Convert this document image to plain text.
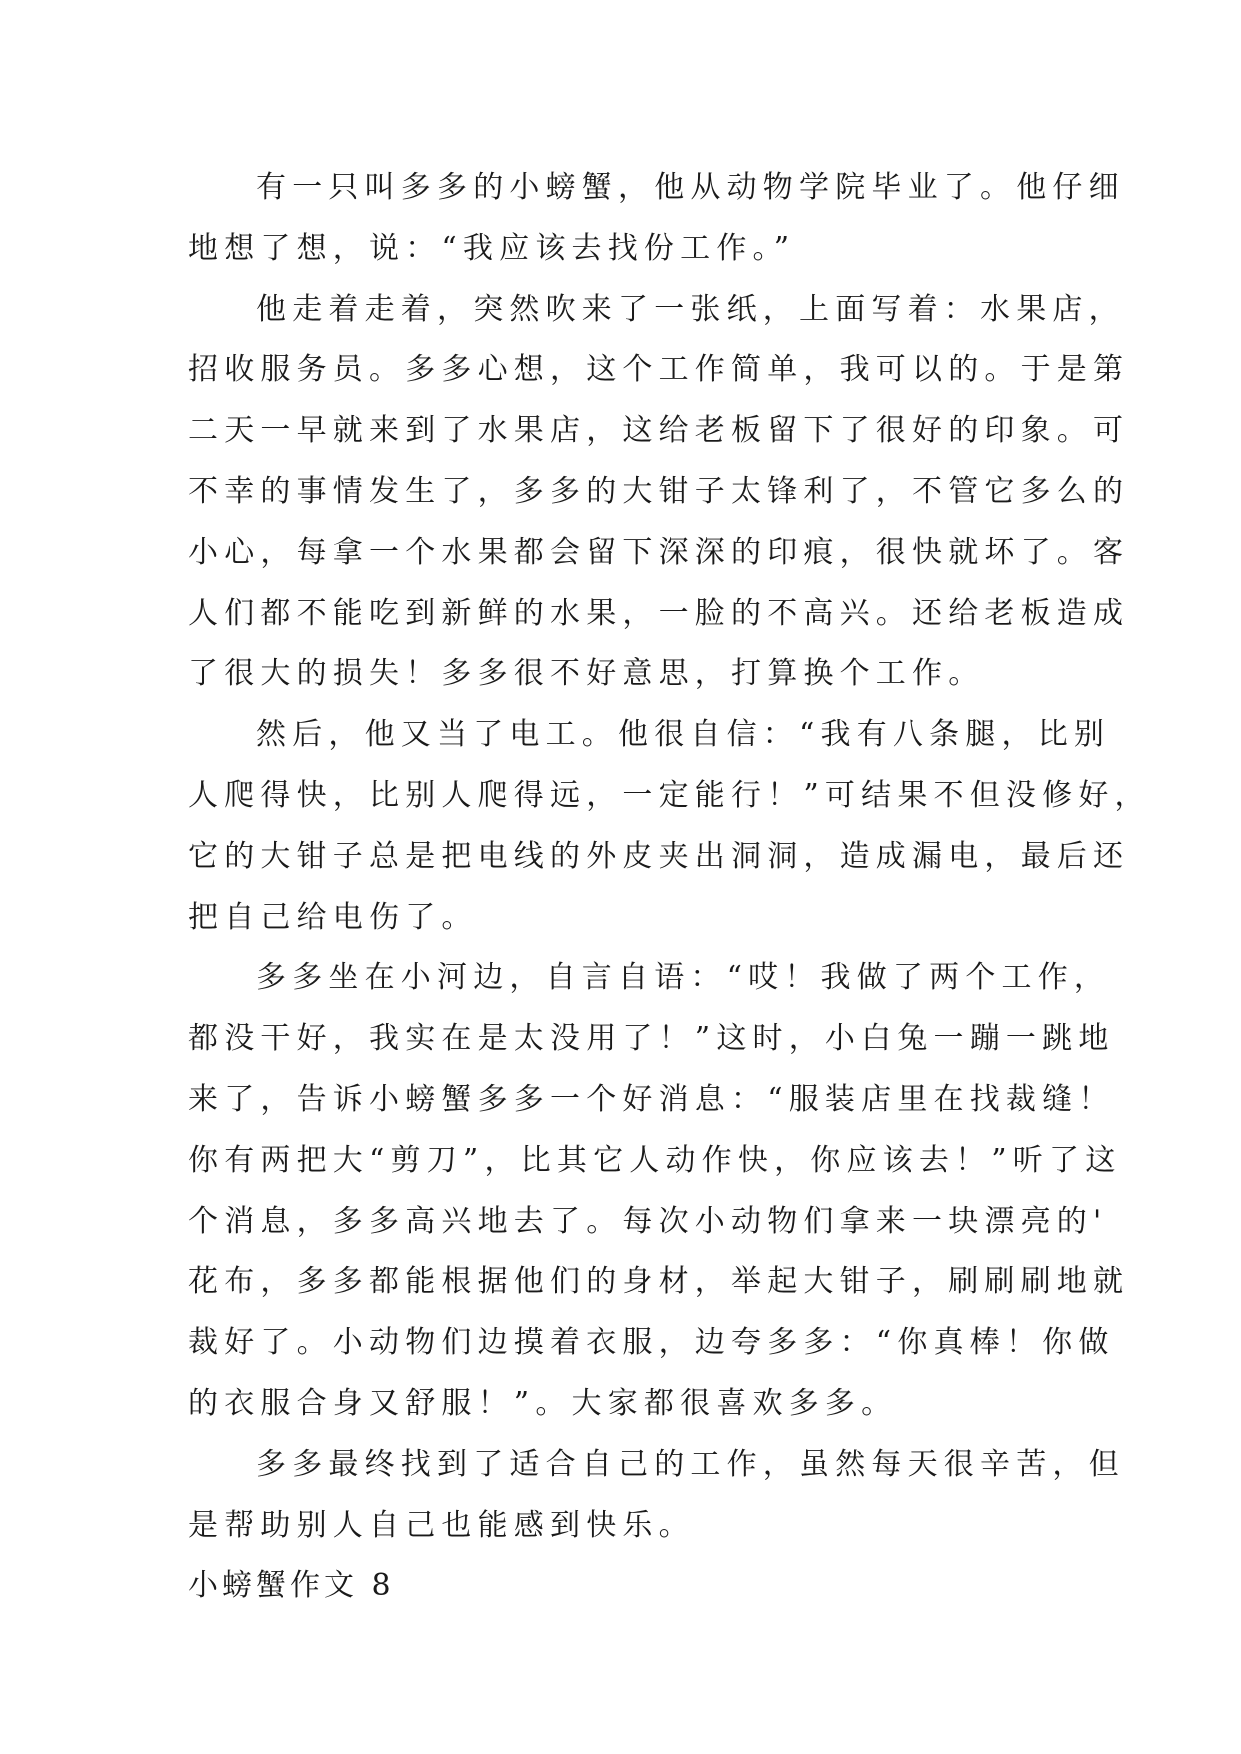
有一只叫多多的小螃蟹，他从动物学院毕业了。他仔细
地想了想，说：“我应该去找份工作。”
他走着走着，突然吹来了一张纸，上面写着：水果店，
招收服务员。多多心想，这个工作简单，我可以的。于是第
二天一早就来到了水果店，这给老板留下了很好的印象。可
不幸的事情发生了，多多的大钳子太锋利了，不管它多么的
小心，每拿一个水果都会留下深深的印痕，很快就坏了。客
人们都不能吃到新鲜的水果，一脸的不高兴。还给老板造成
了很大的损失！多多很不好意思，打算换个工作。
然后，他又当了电工。他很自信：“我有八条腿，比别
人爬得快，比别人爬得远，一定能行！”可结果不但没修好，
它的大钳子总是把电线的外皮夹出洞洞，造成漏电，最后还
把自己给电伤了。
多多坐在小河边，自言自语：“哎！我做了两个工作，
都没干好，我实在是太没用了！”这时，小白兔一蹦一跳地
来了，告诉小螃蟹多多一个好消息：“服装店里在找裁缝！
你有两把大“剪刀”，比其它人动作快，你应该去！”听了这
个消息，多多高兴地去了。每次小动物们拿来一块漂亮的'
花布，多多都能根据他们的身材，举起大钳子，刷刷刷地就
裁好了。小动物们边摸着衣服，边夸多多：“你真棒！你做
的衣服合身又舒服！”。大家都很喜欢多多。
多多最终找到了适合自己的工作，虽然每天很辛苦，但
是帮助别人自己也能感到快乐。
小螃蟹作文 8
